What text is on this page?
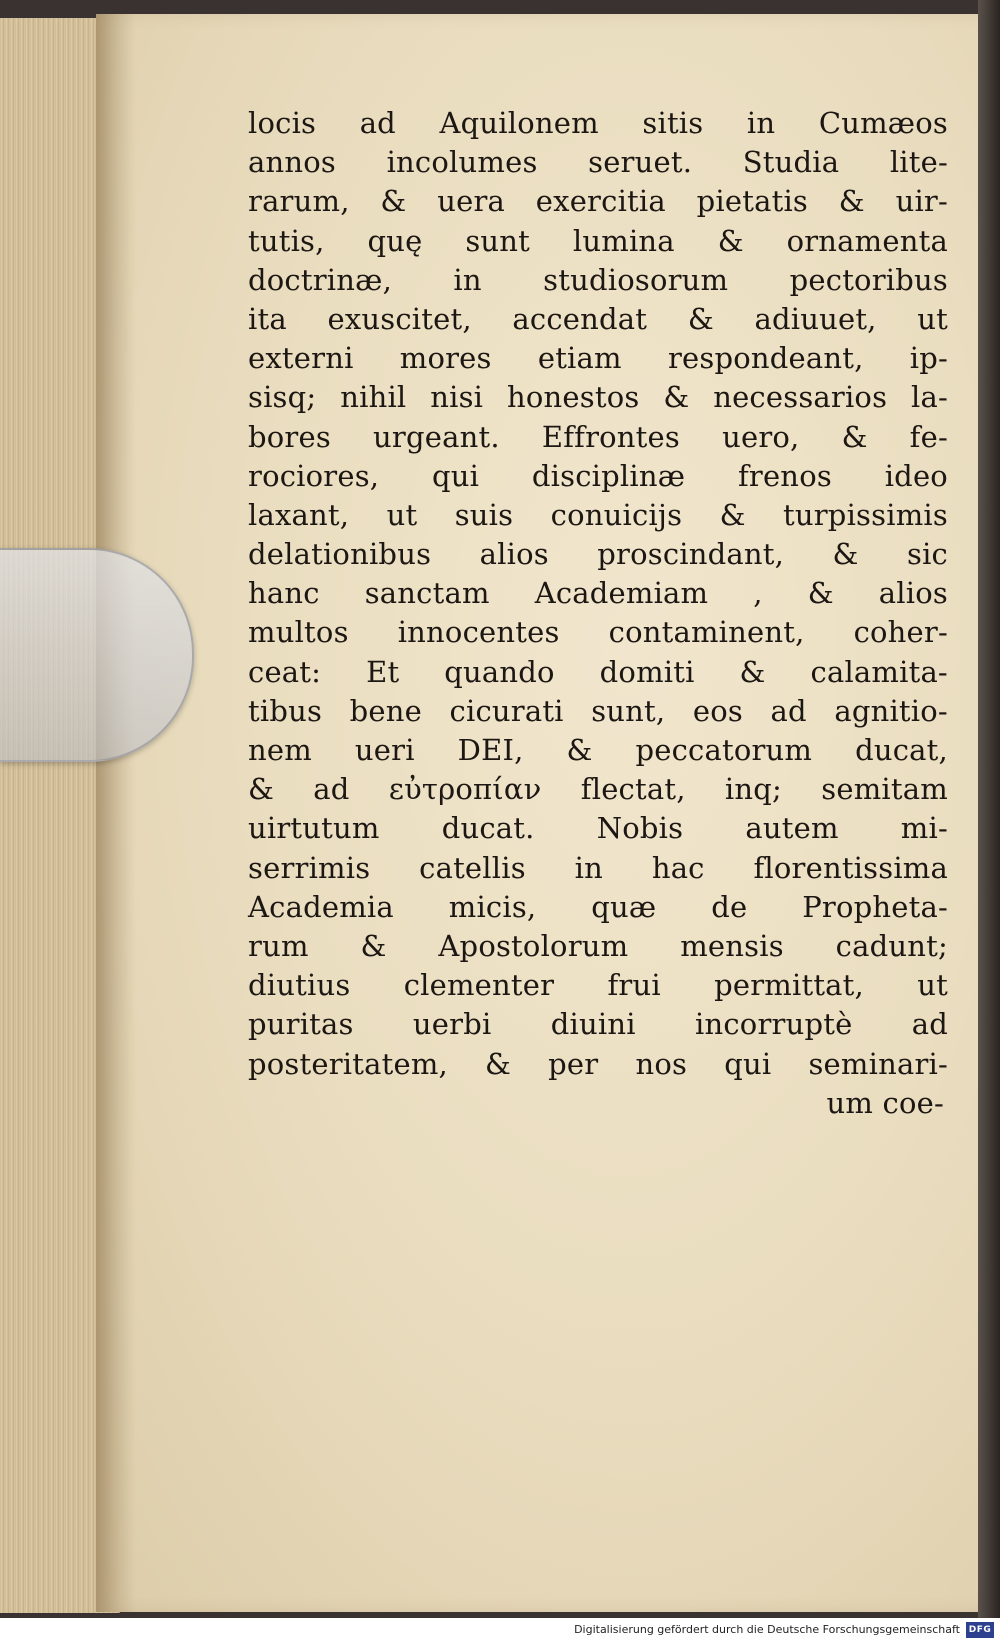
locis ad Aquilonem sitis in Cumæos
annos incolumes seruet. Studia lite-
rarum, & uera exercitia pietatis & uir-
tutis, quę sunt lumina & ornamenta
doctrinæ, in studiosorum pectoribus
ita exuscitet, accendat & adiuuet, ut
externi mores etiam respondeant, ip-
sisq; nihil nisi honestos & necessarios la-
bores urgeant. Effrontes uero, & fe-
rociores, qui disciplinæ frenos ideo
laxant, ut suis conuicijs & turpissimis
delationibus alios proscindant, & sic
hanc sanctam Academiam , & alios
multos innocentes contaminent, coher-
ceat: Et quando domiti & calamita-
tibus bene cicurati sunt, eos ad agnitio-
nem ueri DEI, & peccatorum ducat,
& ad εὐτροπίαν flectat, inq; semitam
uirtutum ducat. Nobis autem mi-
serrimis catellis in hac florentissima
Academia micis, quæ de Propheta-
rum & Apostolorum mensis cadunt;
diutius clementer frui permittat, ut
puritas uerbi diuini incorruptè ad
posteritatem, & per nos qui seminari-
um coe-
Digitalisierung gefördert durch die Deutsche Forschungsgemeinschaft DFG
